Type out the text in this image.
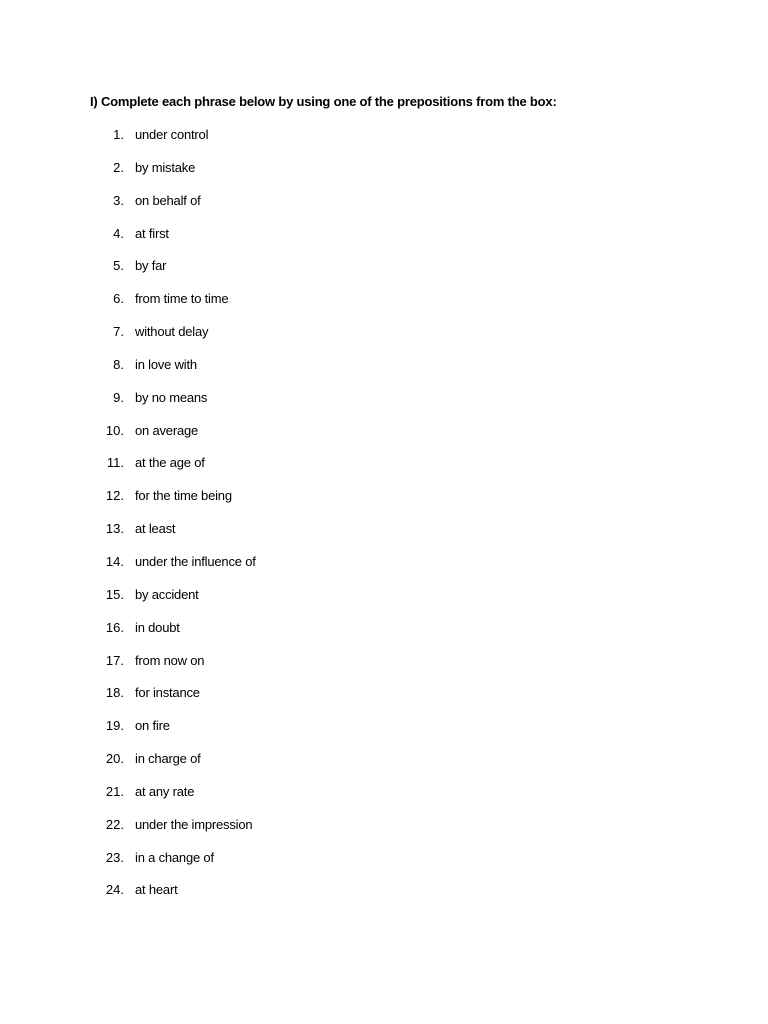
I) Complete each phrase below by using one of the prepositions from the box:
1. under control
2. by mistake
3. on behalf of
4. at first
5. by far
6. from time to time
7. without delay
8. in love with
9. by no means
10. on average
11. at the age of
12. for the time being
13. at least
14. under the influence of
15. by accident
16. in doubt
17. from now on
18. for instance
19. on fire
20. in charge of
21. at any rate
22. under the impression
23. in a change of
24. at heart
